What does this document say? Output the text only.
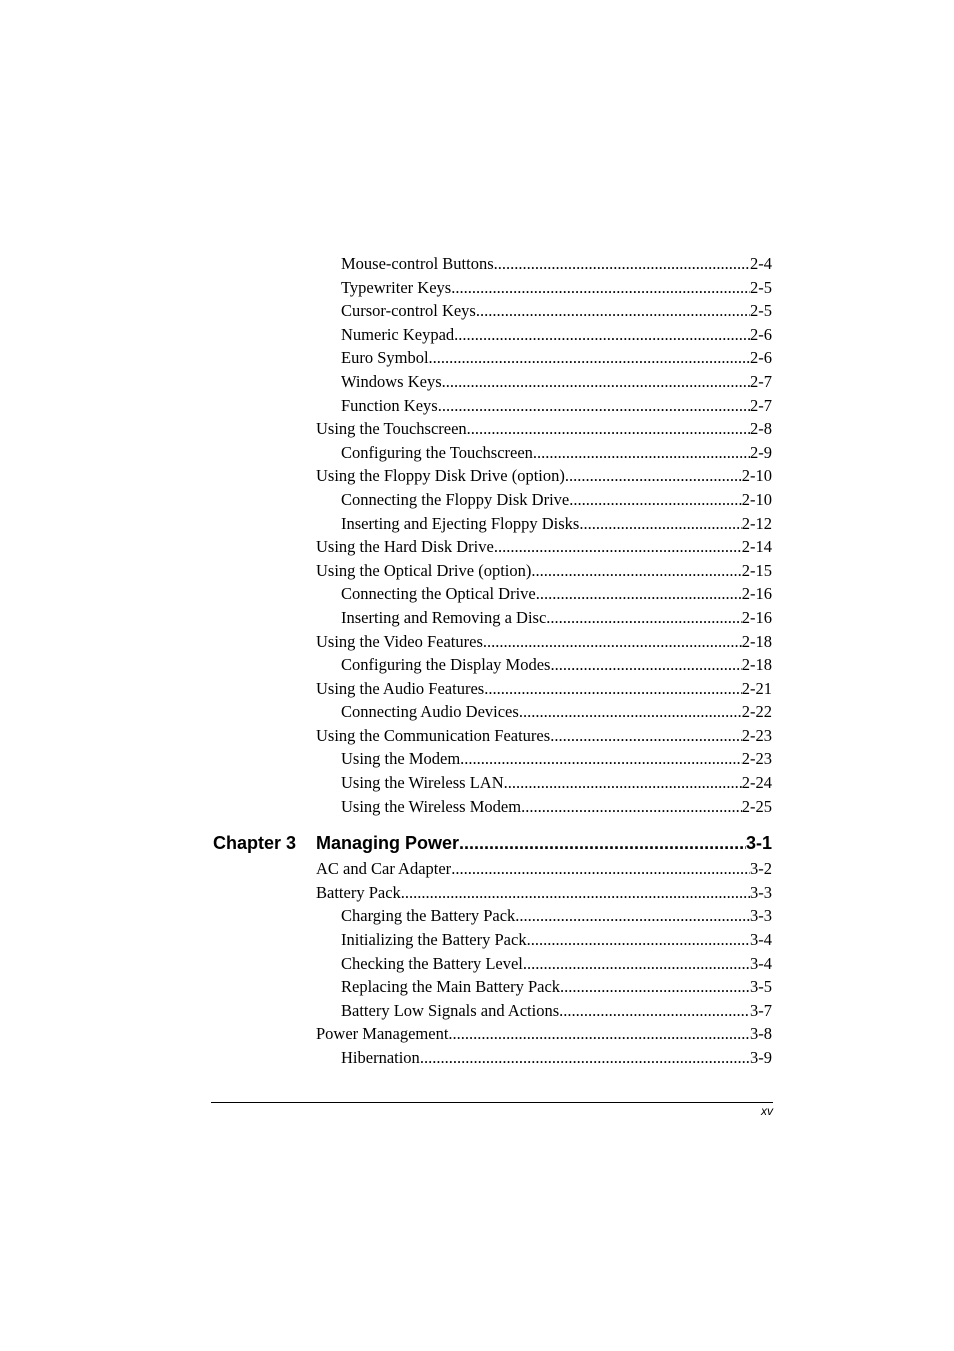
Mouse-control Buttons .....	2-4
Typewriter Keys .....	2-5
Cursor-control Keys .....	2-5
Numeric Keypad .....	2-6
Euro Symbol .....	2-6
Windows Keys .....	2-7
Function Keys .....	2-7
Using the Touchscreen .....	2-8
Configuring the Touchscreen .....	2-9
Using the Floppy Disk Drive (option) .....	2-10
Connecting the Floppy Disk Drive .....	2-10
Inserting and Ejecting Floppy Disks .....	2-12
Using the Hard Disk Drive .....	2-14
Using the Optical Drive (option) .....	2-15
Connecting the Optical Drive .....	2-16
Inserting and Removing a Disc .....	2-16
Using the Video Features .....	2-18
Configuring the Display Modes .....	2-18
Using the Audio Features .....	2-21
Connecting Audio Devices .....	2-22
Using the Communication Features .....	2-23
Using the Modem .....	2-23
Using the Wireless LAN .....	2-24
Using the Wireless Modem .....	2-25
Chapter 3 Managing Power .....	3-1
AC and Car Adapter .....	3-2
Battery Pack .....	3-3
Charging the Battery Pack .....	3-3
Initializing the Battery Pack .....	3-4
Checking the Battery Level .....	3-4
Replacing the Main Battery Pack .....	3-5
Battery Low Signals and Actions .....	3-7
Power Management .....	3-8
Hibernation .....	3-9
xv
